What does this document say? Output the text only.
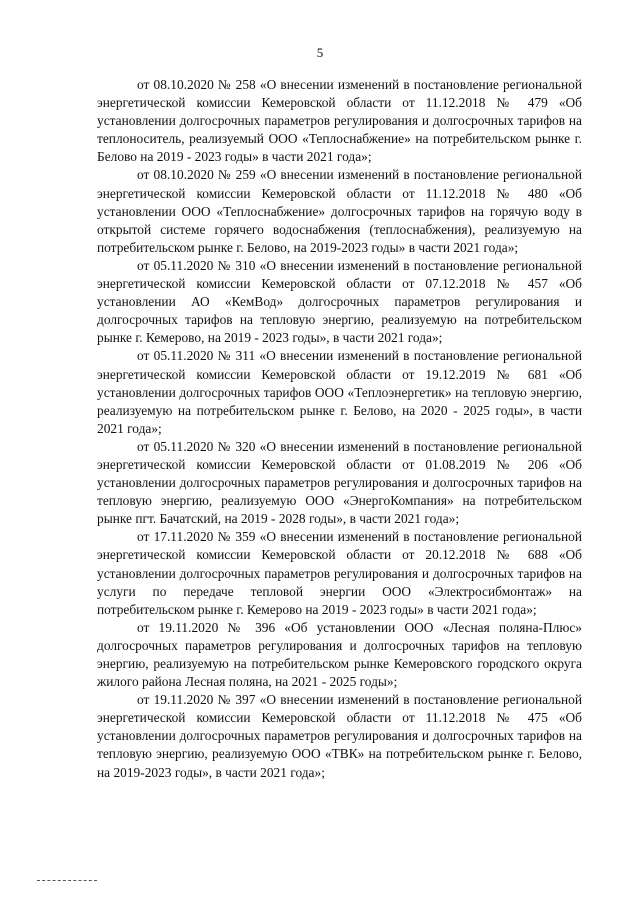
5

от 08.10.2020 № 258 «О внесении изменений в постановление региональной энергетической комиссии Кемеровской области от 11.12.2018 № 479 «Об установлении долгосрочных параметров регулирования и долгосрочных тарифов на теплоноситель, реализуемый ООО «Теплоснабжение» на потребительском рынке г. Белово на 2019 - 2023 годы» в части 2021 года»;

от 08.10.2020 № 259 «О внесении изменений в постановление региональной энергетической комиссии Кемеровской области от 11.12.2018 № 480 «Об установлении ООО «Теплоснабжение» долгосрочных тарифов на горячую воду в открытой системе горячего водоснабжения (теплоснабжения), реализуемую на потребительском рынке г. Белово, на 2019-2023 годы» в части 2021 года»;

от 05.11.2020 № 310 «О внесении изменений в постановление региональной энергетической комиссии Кемеровской области от 07.12.2018 № 457 «Об установлении АО «КемВод» долгосрочных параметров регулирования и долгосрочных тарифов на тепловую энергию, реализуемую на потребительском рынке г. Кемерово, на 2019 - 2023 годы», в части 2021 года»;

от 05.11.2020 № 311 «О внесении изменений в постановление региональной энергетической комиссии Кемеровской области от 19.12.2019 № 681 «Об установлении долгосрочных тарифов ООО «Теплоэнергетик» на тепловую энергию, реализуемую на потребительском рынке г. Белово, на 2020 - 2025 годы», в части 2021 года»;

от 05.11.2020 № 320 «О внесении изменений в постановление региональной энергетической комиссии Кемеровской области от 01.08.2019 № 206 «Об установлении долгосрочных параметров регулирования и долгосрочных тарифов на тепловую энергию, реализуемую ООО «ЭнергоКомпания» на потребительском рынке пгт. Бачатский, на 2019 - 2028 годы», в части 2021 года»;

от 17.11.2020 № 359 «О внесении изменений в постановление региональной энергетической комиссии Кемеровской области от 20.12.2018 № 688 «Об установлении долгосрочных параметров регулирования и долгосрочных тарифов на услуги по передаче тепловой энергии ООО «Электросибмонтаж» на потребительском рынке г. Кемерово на 2019 - 2023 годы» в части 2021 года»;

от 19.11.2020 № 396 «Об установлении ООО «Лесная поляна-Плюс» долгосрочных параметров регулирования и долгосрочных тарифов на тепловую энергию, реализуемую на потребительском рынке Кемеровского городского округа жилого района Лесная поляна, на 2021 - 2025 годы»;

от 19.11.2020 № 397 «О внесении изменений в постановление региональной энергетической комиссии Кемеровской области от 11.12.2018 № 475 «Об установлении долгосрочных параметров регулирования и долгосрочных тарифов на тепловую энергию, реализуемую ООО «ТВК» на потребительском рынке г. Белово, на 2019-2023 годы», в части 2021 года»;
